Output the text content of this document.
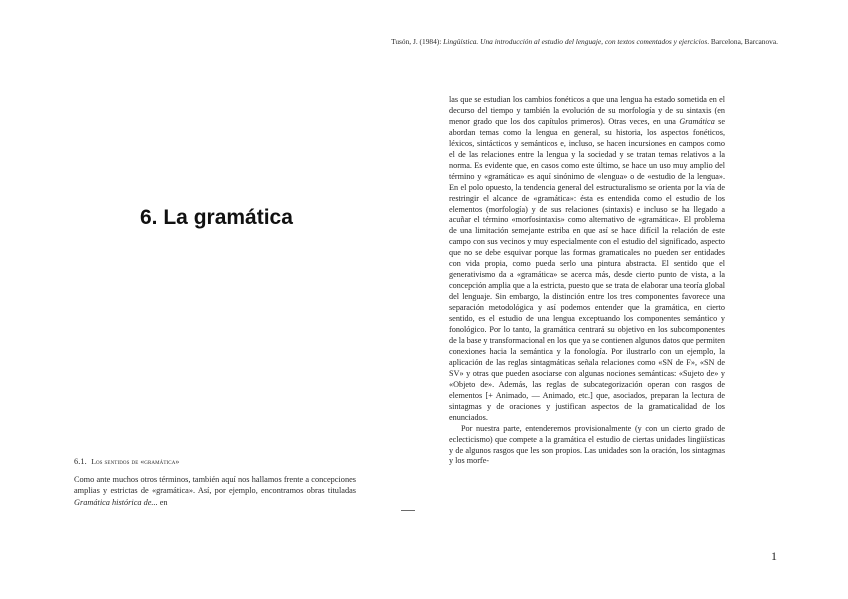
Tusón, J. (1984): Lingüística. Una introducción al estudio del lenguaje, con textos comentados y ejercicios. Barcelona, Barcanova.
6. La gramática
6.1. Los sentidos de «gramática»

Como ante muchos otros términos, también aquí nos hallamos frente a concepciones amplias y estrictas de «gramática». Así, por ejemplo, encontramos obras tituladas Gramática histórica de... en

las que se estudian los cambios fonéticos a que una lengua ha estado sometida en el decurso del tiempo y también la evolución de su morfología y de su sintaxis (en menor grado que los dos capítulos primeros). Otras veces, en una Gramática se abordan temas como la lengua en general, su historia, los aspectos fonéticos, léxicos, sintácticos y semánticos e, incluso, se hacen incursiones en campos como el de las relaciones entre la lengua y la sociedad y se tratan temas relativos a la norma. Es evidente que, en casos como este último, se hace un uso muy amplio del término y «gramática» es aquí sinónimo de «lengua» o de «estudio de la lengua». En el polo opuesto, la tendencia general del estructuralismo se orienta por la vía de restringir el alcance de «gramática»: ésta es entendida como el estudio de los elementos (morfología) y de sus relaciones (sintaxis) e incluso se ha llegado a acuñar el término «morfosintaxis» como alternativo de «gramática». El problema de una limitación semejante estriba en que así se hace difícil la relación de este campo con sus vecinos y muy especialmente con el estudio del significado, aspecto que no se debe esquivar porque las formas gramaticales no pueden ser entidades con vida propia, como pueda serlo una pintura abstracta. El sentido que el generativismo da a «gramática» se acerca más, desde cierto punto de vista, a la concepción amplia que a la estricta, puesto que se trata de elaborar una teoría global del lenguaje. Sin embargo, la distinción entre los tres componentes favorece una separación metodológica y así podemos entender que la gramática, en cierto sentido, es el estudio de una lengua exceptuando los componentes semántico y fonológico. Por lo tanto, la gramática centrará su objetivo en los subcomponentes de la base y transformacional en los que ya se contienen algunos datos que permiten conexiones hacia la semántica y la fonología. Por ilustrarlo con un ejemplo, la aplicación de las reglas sintagmáticas señala relaciones como «SN de F», «SN de SV» y otras que pueden asociarse con algunas nociones semánticas: «Sujeto de» y «Objeto de». Además, las reglas de subcategorización operan con rasgos de elementos [+ Animado, — Animado, etc.] que, asociados, preparan la lectura de sintagmas y de oraciones y justifican aspectos de la gramaticalidad de los enunciados.

Por nuestra parte, entenderemos provisionalmente (y con un cierto grado de eclecticismo) que compete a la gramática el estudio de ciertas unidades lingüísticas y de algunos rasgos que les son propios. Las unidades son la oración, los sintagmas y los morfe-

1
